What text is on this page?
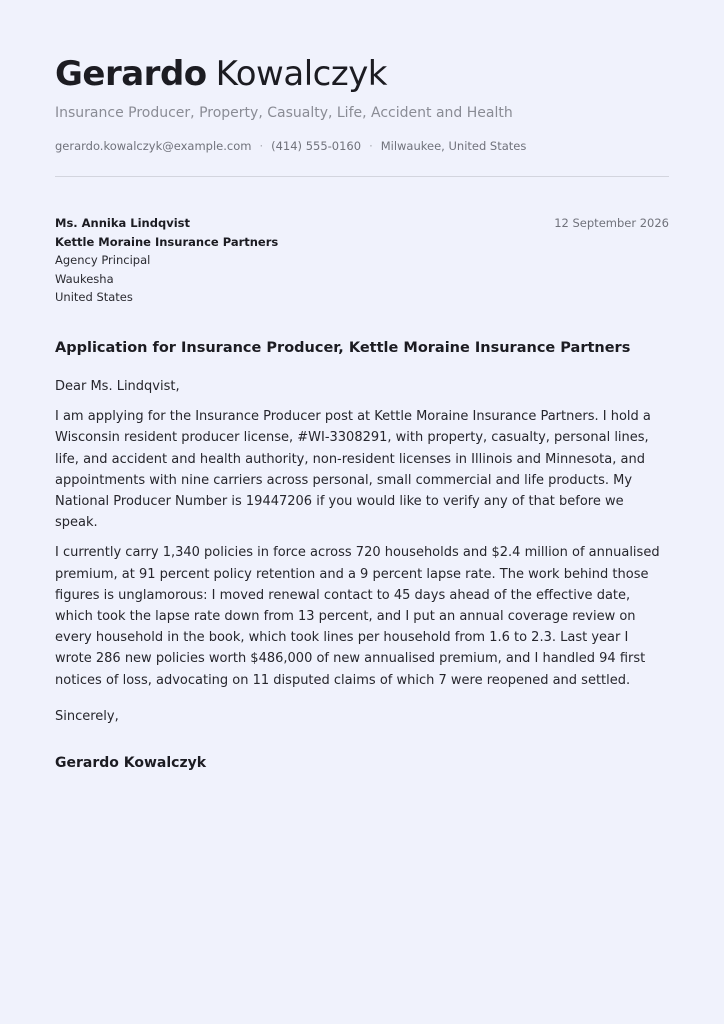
Gerardo Kowalczyk
Insurance Producer, Property, Casualty, Life, Accident and Health
gerardo.kowalczyk@example.com · (414) 555-0160 · Milwaukee, United States
Ms. Annika Lindqvist
Kettle Moraine Insurance Partners
Agency Principal
Waukesha
United States
12 September 2026
Application for Insurance Producer, Kettle Moraine Insurance Partners

Dear Ms. Lindqvist,

I am applying for the Insurance Producer post at Kettle Moraine Insurance Partners. I hold a Wisconsin resident producer license, #WI-3308291, with property, casualty, personal lines, life, and accident and health authority, non-resident licenses in Illinois and Minnesota, and appointments with nine carriers across personal, small commercial and life products. My National Producer Number is 19447206 if you would like to verify any of that before we speak.

I currently carry 1,340 policies in force across 720 households and $2.4 million of annualised premium, at 91 percent policy retention and a 9 percent lapse rate. The work behind those figures is unglamorous: I moved renewal contact to 45 days ahead of the effective date, which took the lapse rate down from 13 percent, and I put an annual coverage review on every household in the book, which took lines per household from 1.6 to 2.3. Last year I wrote 286 new policies worth $486,000 of new annualised premium, and I handled 94 first notices of loss, advocating on 11 disputed claims of which 7 were reopened and settled.

Sincerely,
Gerardo Kowalczyk
